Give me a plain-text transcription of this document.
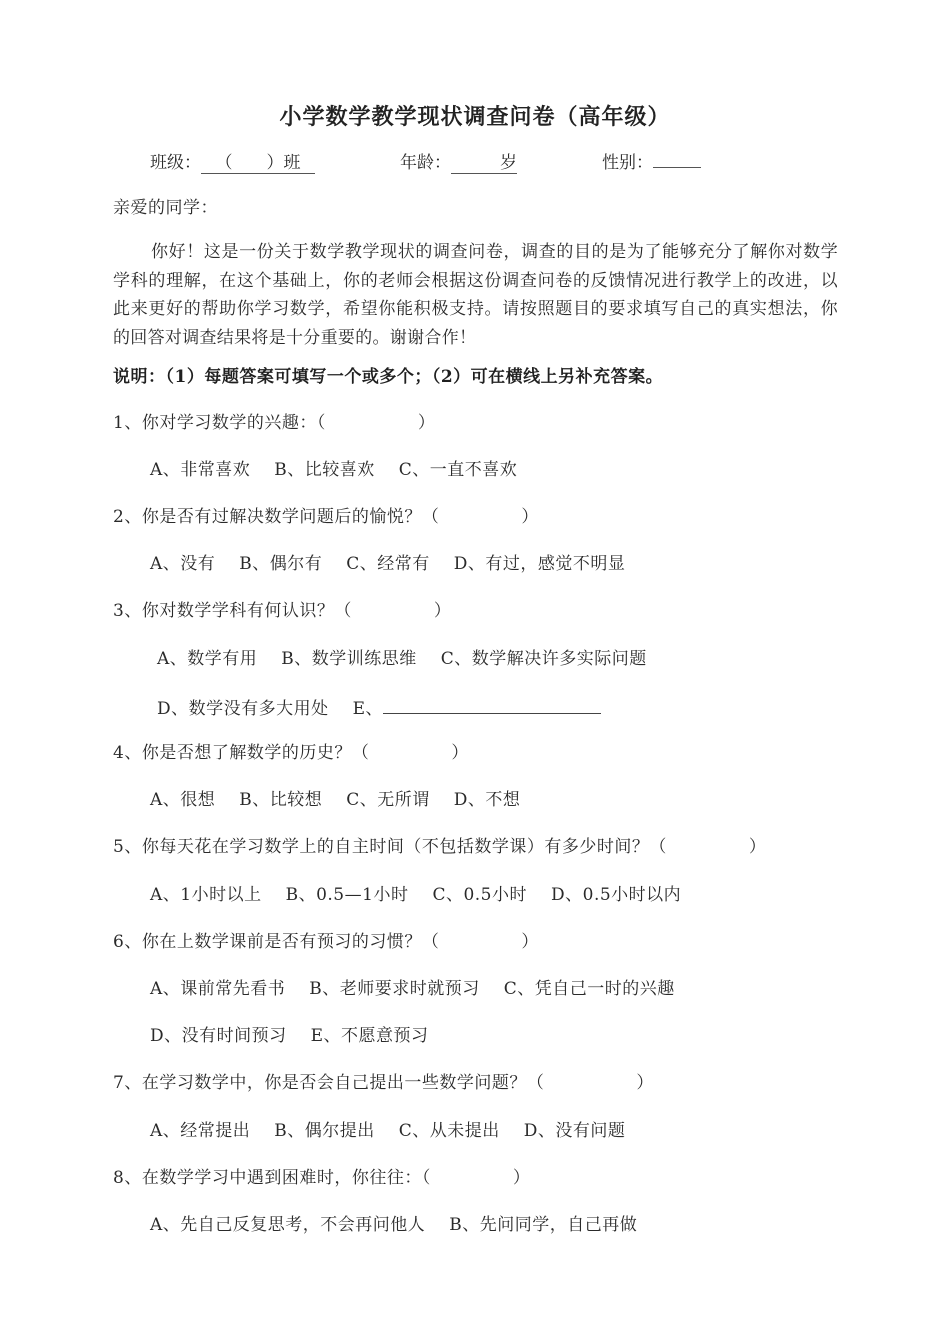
小学数学教学现状调查问卷（高年级）
班级： （　　）班	年龄：	岁	性别：
亲爱的同学：
你好！这是一份关于数学教学现状的调查问卷，调查的目的是为了能够充分了解你对数学学科的理解，在这个基础上，你的老师会根据这份调查问卷的反馈情况进行教学上的改进，以此来更好的帮助你学习数学，希望你能积极支持。请按照题目的要求填写自己的真实想法，你的回答对调查结果将是十分重要的。谢谢合作！
说明：（1）每题答案可填写一个或多个；（2）可在横线上另补充答案。
1、你对学习数学的兴趣：（	）
A、非常喜欢 B、比较喜欢 C、一直不喜欢
2、你是否有过解决数学问题后的愉悦？（	）
A、没有 B、偶尔有 C、经常有 D、有过，感觉不明显
3、你对数学学科有何认识？（	）
A、数学有用 B、数学训练思维 C、数学解决许多实际问题
D、数学没有多大用处 E、
4、你是否想了解数学的历史？（	）
A、很想 B、比较想 C、无所谓 D、不想
5、你每天花在学习数学上的自主时间（不包括数学课）有多少时间？（	）
A、1小时以上 B、0.5—1小时 C、0.5小时 D、0.5小时以内
6、你在上数学课前是否有预习的习惯？（	）
A、课前常先看书 B、老师要求时就预习 C、凭自己一时的兴趣
D、没有时间预习 E、不愿意预习
7、在学习数学中，你是否会自己提出一些数学问题？（	）
A、经常提出 B、偶尔提出 C、从未提出 D、没有问题
8、在数学学习中遇到困难时，你往往：（	）
A、先自己反复思考，不会再问他人 B、先问同学，自己再做
